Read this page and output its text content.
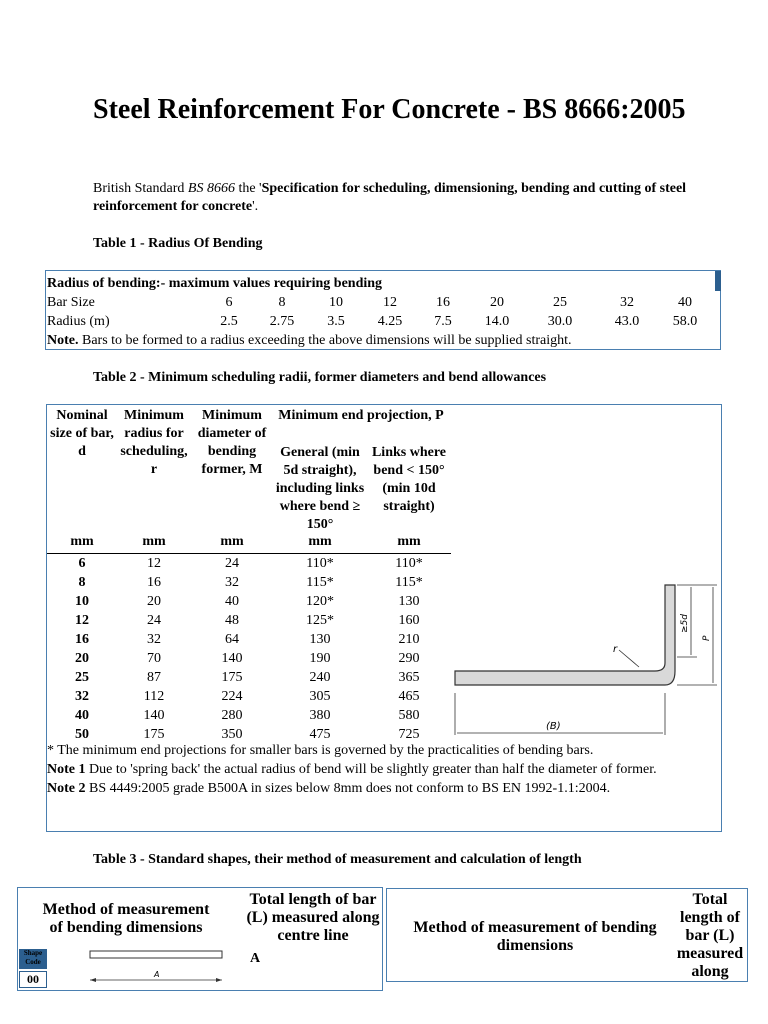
Steel Reinforcement For Concrete - BS 8666:2005
British Standard BS 8666 the 'Specification for scheduling, dimensioning, bending and cutting of steel reinforcement for concrete'.
Table 1 - Radius Of Bending
Radius of bending:- maximum values requiring bending
Bar Size	6	8	10	12	16	20	25	32	40
Radius (m)	2.5	2.75	3.5	4.25	7.5	14.0	30.0	43.0	58.0
Note. Bars to be formed to a radius exceeding the above dimensions will be supplied straight.
Table 2 - Minimum scheduling radii, former diameters and bend allowances
Nominal size of bar, d
Minimum radius for scheduling, r
Minimum diameter of bending former, M
Minimum end projection, P
General (min 5d straight), including links where bend ≥ 150°
Links where bend < 150° (min 10d straight)
mm	mm	mm	mm	mm
6	12	24	110*	110*
8	16	32	115*	115*
10	20	40	120*	130
12	24	48	125*	160
16	32	64	130	210
20	70	140	190	290
25	87	175	240	365
32	112	224	305	465
40	140	280	380	580
50	175	350	475	725
r
≥5d
P
(B)
* The minimum end projections for smaller bars is governed by the practicalities of bending bars.
Note 1 Due to 'spring back' the actual radius of bend will be slightly greater than half the diameter of former.
Note 2 BS 4449:2005 grade B500A in sizes below 8mm does not conform to BS EN 1992-1.1:2004.
Table 3 - Standard shapes, their method of measurement and calculation of length
Method of measurement of bending dimensions
Total length of bar (L) measured along centre line
Shape Code
00	A
A
Method of measurement of bending dimensions
Total length of bar (L) measured along
